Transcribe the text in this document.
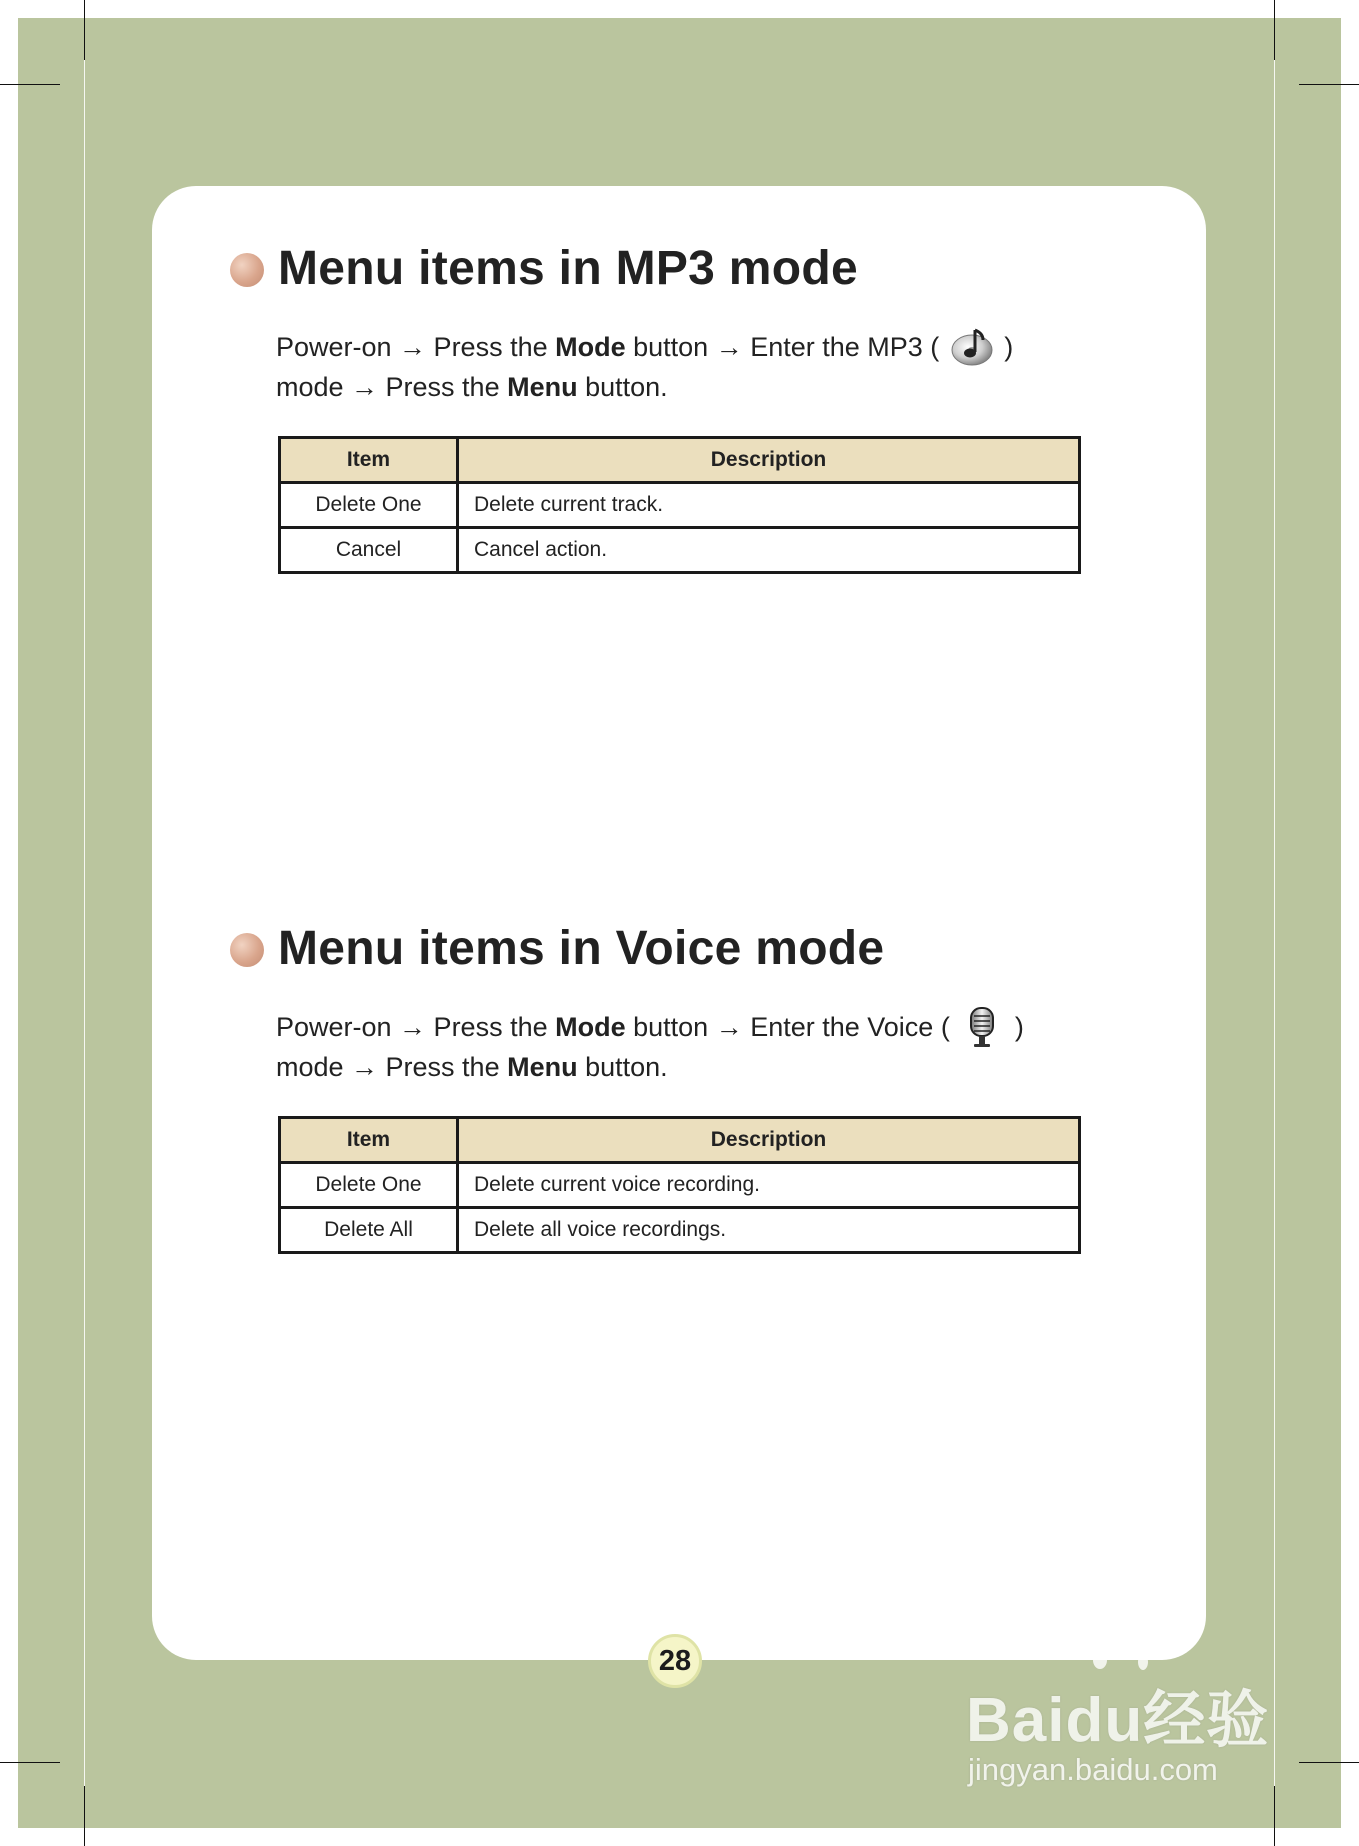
Menu items in MP3 mode
Power-on → Press the Mode button → Enter the MP3 (  )
mode → Press the Menu button.
Item	Description
Delete One	Delete current track.
Cancel	Cancel action.
Menu items in Voice mode
Power-on → Press the Mode button → Enter the Voice (  )
mode → Press the Menu button.
Item	Description
Delete One	Delete current voice recording.
Delete All	Delete all voice recordings.
28
Baidu经验
jingyan.baidu.com
